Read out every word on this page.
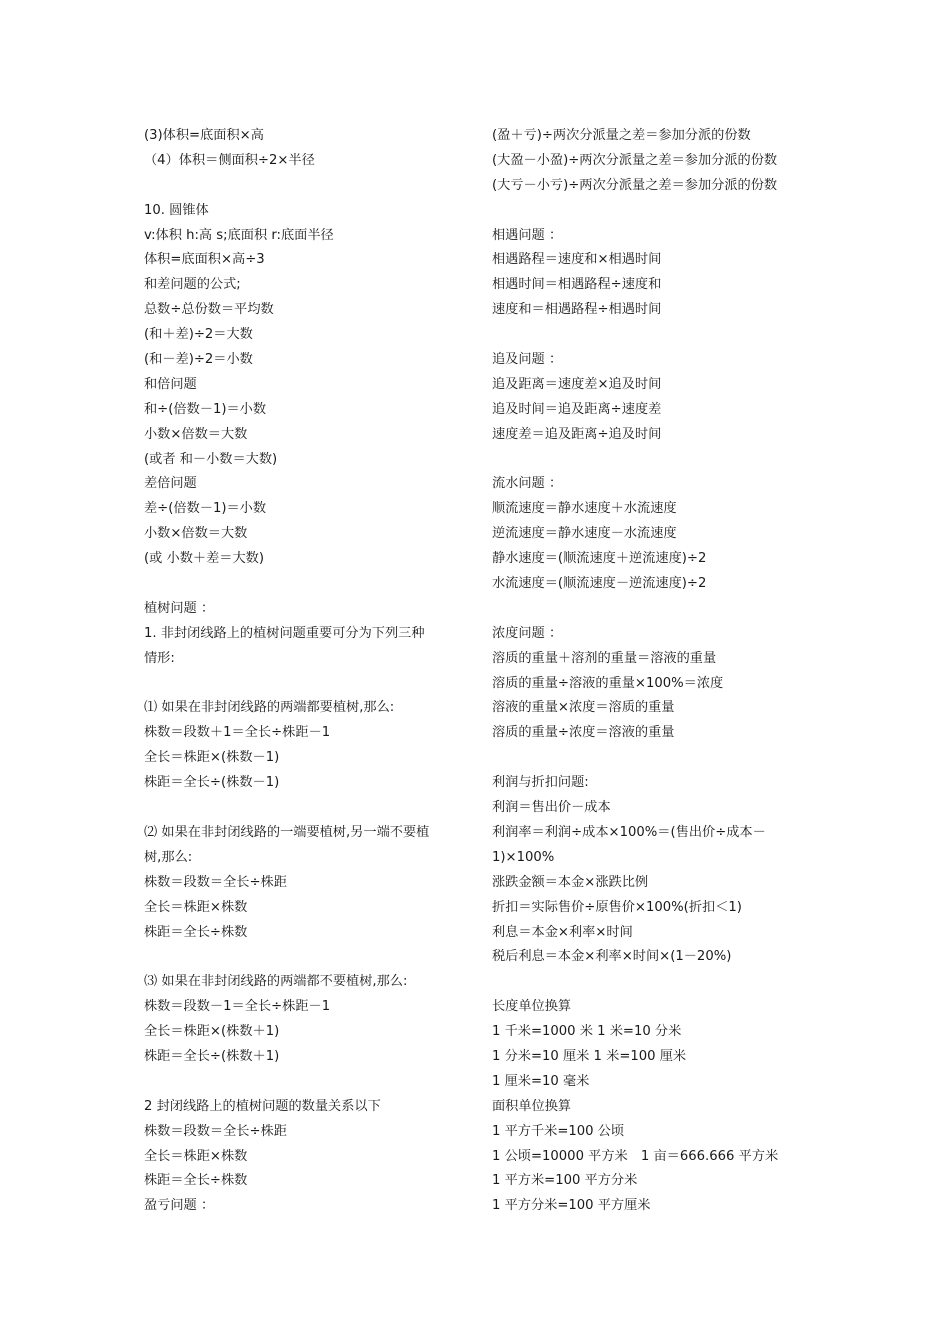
(3)体积=底面积×高
（4）体积＝侧面积÷2×半径
10. 圆锥体
v:体积 h:高 s;底面积 r:底面半径
体积=底面积×高÷3
和差问题的公式;
总数÷总份数＝平均数
(和＋差)÷2＝大数
(和－差)÷2＝小数
和倍问题
和÷(倍数－1)＝小数
小数×倍数＝大数
(或者 和－小数＝大数)
差倍问题
差÷(倍数－1)＝小数
小数×倍数＝大数
(或 小数＋差＝大数)
植树问题 ：
1. 非封闭线路上的植树问题重要可分为下列三种
情形:
⑴ 如果在非封闭线路的两端都要植树,那么:
株数＝段数＋1＝全长÷株距－1
全长＝株距×(株数－1)
株距＝全长÷(株数－1)
⑵ 如果在非封闭线路的一端要植树,另一端不要植
树,那么:
株数＝段数＝全长÷株距
全长＝株距×株数
株距＝全长÷株数
⑶ 如果在非封闭线路的两端都不要植树,那么:
株数＝段数－1＝全长÷株距－1
全长＝株距×(株数＋1)
株距＝全长÷(株数＋1)
2 封闭线路上的植树问题的数量关系以下
株数＝段数＝全长÷株距
全长＝株距×株数
株距＝全长÷株数
盈亏问题 ：
(盈＋亏)÷两次分派量之差＝参加分派的份数
(大盈－小盈)÷两次分派量之差＝参加分派的份数
(大亏－小亏)÷两次分派量之差＝参加分派的份数
相遇问题 ：
相遇路程＝速度和×相遇时间
相遇时间＝相遇路程÷速度和
速度和＝相遇路程÷相遇时间
追及问题 ：
追及距离＝速度差×追及时间
追及时间＝追及距离÷速度差
速度差＝追及距离÷追及时间
流水问题 ：
顺流速度＝静水速度＋水流速度
逆流速度＝静水速度－水流速度
静水速度＝(顺流速度＋逆流速度)÷2
水流速度＝(顺流速度－逆流速度)÷2
浓度问题 ：
溶质的重量＋溶剂的重量＝溶液的重量
溶质的重量÷溶液的重量×100%＝浓度
溶液的重量×浓度＝溶质的重量
溶质的重量÷浓度＝溶液的重量
利润与折扣问题:
利润＝售出价－成本
利润率＝利润÷成本×100%＝(售出价÷成本－
1)×100%
涨跌金额＝本金×涨跌比例
折扣＝实际售价÷原售价×100%(折扣＜1)
利息＝本金×利率×时间
税后利息＝本金×利率×时间×(1－20%)
长度单位换算
1 千米=1000 米 1 米=10 分米
1 分米=10 厘米 1 米=100 厘米
1 厘米=10 毫米
面积单位换算
1 平方千米=100 公顷
1 公顷=10000 平方米　1 亩＝666.666 平方米
1 平方米=100 平方分米
1 平方分米=100 平方厘米
